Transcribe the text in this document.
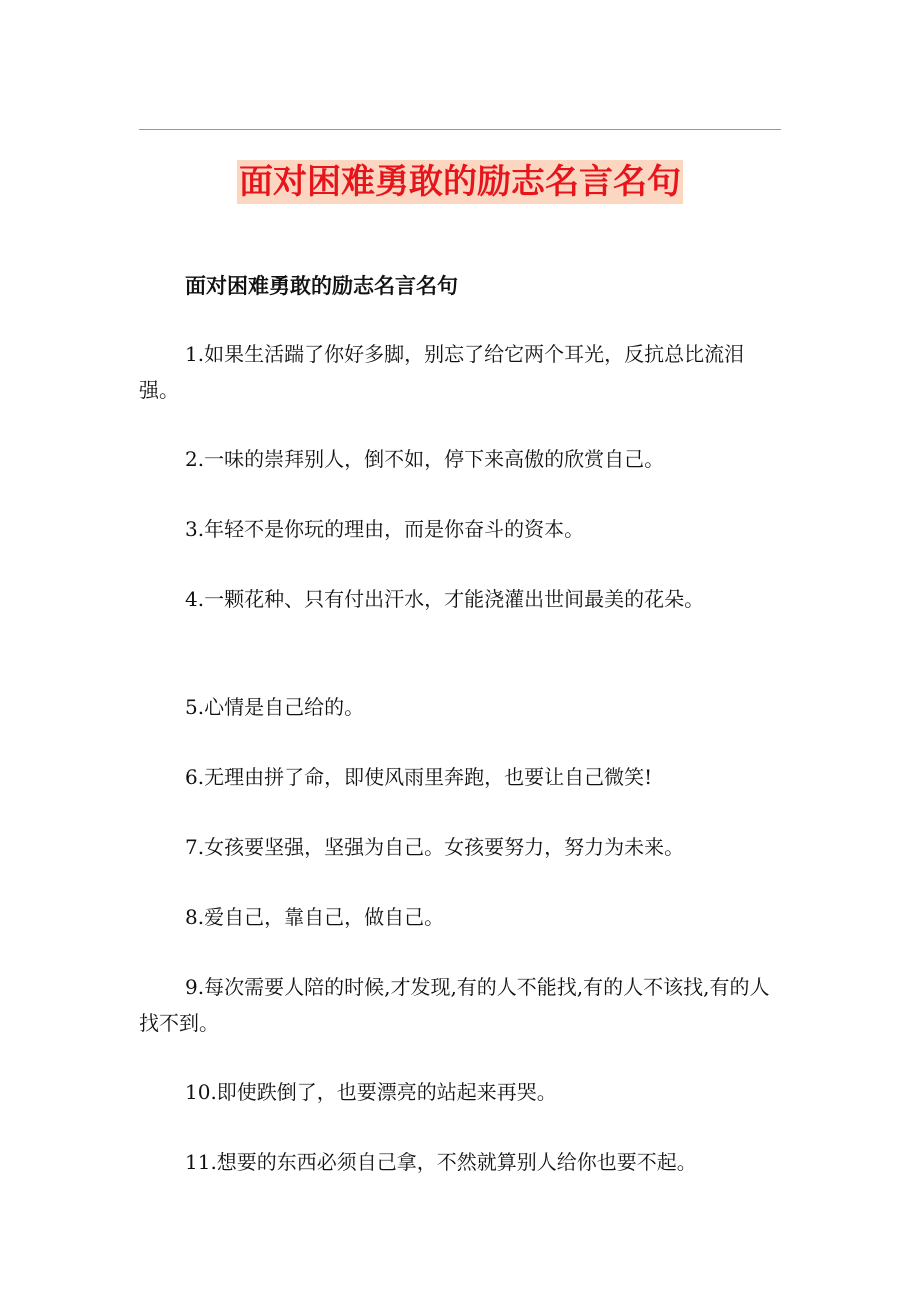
面对困难勇敢的励志名言名句

面对困难勇敢的励志名言名句

1.如果生活踹了你好多脚，别忘了给它两个耳光，反抗总比流泪强。

2.一味的崇拜别人，倒不如，停下来高傲的欣赏自己。

3.年轻不是你玩的理由，而是你奋斗的资本。

4.一颗花种、只有付出汗水，才能浇灌出世间最美的花朵。

5.心情是自己给的。

6.无理由拼了命，即使风雨里奔跑，也要让自己微笑!

7.女孩要坚强，坚强为自己。女孩要努力，努力为未来。

8.爱自己，靠自己，做自己。

9.每次需要人陪的时候,才发现,有的人不能找,有的人不该找,有的人找不到。

10.即使跌倒了，也要漂亮的站起来再哭。

11.想要的东西必须自己拿，不然就算别人给你也要不起。
